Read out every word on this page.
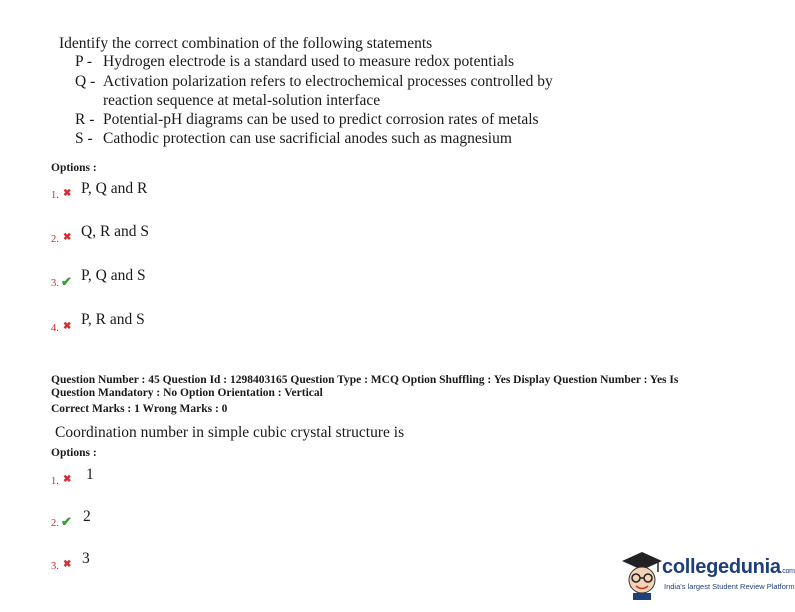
Identify the correct combination of the following statements
P - Hydrogen electrode is a standard used to measure redox potentials
Q - Activation polarization refers to electrochemical processes controlled by
reaction sequence at metal-solution interface
R - Potential-pH diagrams can be used to predict corrosion rates of metals
S - Cathodic protection can use sacrificial anodes such as magnesium
Options :
1. ✖ P, Q and R
2. ✖ Q, R and S
3. ✔ P, Q and S
4. ✖ P, R and S
Question Number : 45 Question Id : 1298403165 Question Type : MCQ Option Shuffling : Yes Display Question Number : Yes Is
Question Mandatory : No Option Orientation : Vertical
Correct Marks : 1 Wrong Marks : 0
Coordination number in simple cubic crystal structure is
Options :
1. ✖ 1
2. ✔ 2
3. ✖ 3	collegedunia.com
India's largest Student Review Platform
